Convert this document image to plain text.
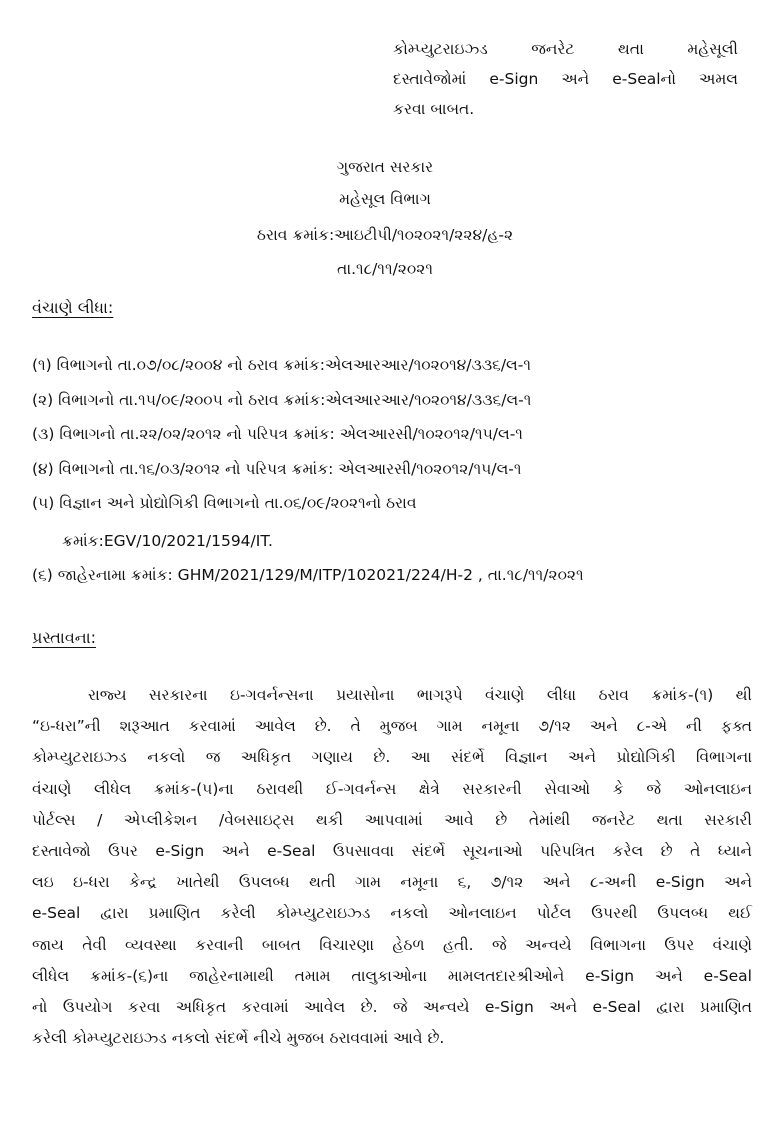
કોમ્પ્યુટરાઇઝ્ડ જનરેટ થતા મહેસૂલી
દસ્તાવેજોમાં e-Sign અને e-Sealનો અમલ
કરવા બાબત.
ગુજરાત સરકાર
મહેસૂલ વિભાગ
ઠરાવ ક્રમાંક:આઇટીપી/૧૦૨૦૨૧/૨૨૪/હ-૨
તા.૧૮/૧૧/૨૦૨૧
વંચાણે લીધા:
(૧) વિભાગનો તા.૦૭/૦૮/૨૦૦૪ નો ઠરાવ ક્રમાંક:એલઆરઆર/૧૦૨૦૧૪/૩૩૬/લ-૧
(૨) વિભાગનો તા.૧૫/૦૯/૨૦૦૫ નો ઠરાવ ક્રમાંક:એલઆરઆર/૧૦૨૦૧૪/૩૩૬/લ-૧
(૩) વિભાગનો તા.૨૨/૦૨/૨૦૧૨ નો પરિપત્ર ક્રમાંક: એલઆરસી/૧૦૨૦૧૨/૧૫/લ-૧
(૪) વિભાગનો તા.૧૬/૦૩/૨૦૧૨ નો પરિપત્ર ક્રમાંક: એલઆરસી/૧૦૨૦૧૨/૧૫/લ-૧
(૫) વિજ્ઞાન અને પ્રોદ્યોગિકી વિભાગનો તા.૦૬/૦૯/૨૦૨૧નો ઠરાવ
ક્રમાંક:EGV/10/2021/1594/IT.
(૬) જાહેરનામા ક્રમાંક: GHM/2021/129/M/ITP/102021/224/H-2 , તા.૧૮/૧૧/૨૦૨૧
પ્રસ્તાવના:
રાજ્ય સરકારના ઇ-ગવર્નન્સના પ્રયાસોના ભાગરૂપે વંચાણે લીધા ઠરાવ ક્રમાંક-(૧) થી
“ઇ-ધરા”ની શરૂઆત કરવામાં આવેલ છે. તે મુજબ ગામ નમૂના ૭/૧૨ અને ૮-એ ની ફક્ત
કોમ્પ્યુટરાઇઝ્ડ નકલો જ અધિકૃત ગણાય છે. આ સંદર્ભે વિજ્ઞાન અને પ્રોદ્યોગિકી વિભાગના
વંચાણે લીધેલ ક્રમાંક-(૫)ના ઠરાવથી ઈ-ગવર્નન્સ ક્ષેત્રે સરકારની સેવાઓ કે જે ઓનલાઇન
પોર્ટલ્સ / એપ્લીકેશન /વેબસાઇટ્સ થકી આપવામાં આવે છે તેમાંથી જનરેટ થતા સરકારી
દસ્તાવેજો ઉપર e-Sign અને e-Seal ઉપસાવવા સંદર્ભે સૂચનાઓ પરિપત્રિત કરેલ છે તે ધ્યાને
લઇ ઇ-ધરા કેન્દ્ર ખાતેથી ઉપલબ્ધ થતી ગામ નમૂના ૬, ૭/૧૨ અને ૮-અની e-Sign અને
e-Seal દ્વારા પ્રમાણિત કરેલી કોમ્પ્યુટરાઇઝ્ડ નકલો ઓનલાઇન પોર્ટલ ઉપરથી ઉપલબ્ધ થઈ
જાય તેવી વ્યવસ્થા કરવાની બાબત વિચારણા હેઠળ હતી. જે અન્વયે વિભાગના ઉપર વંચાણે
લીધેલ ક્રમાંક-(૬)ના જાહેરનામાથી તમામ તાલુકાઓના મામલતદારશ્રીઓને e-Sign અને e-Seal
નો ઉપયોગ કરવા અધિકૃત કરવામાં આવેલ છે. જે અન્વયે e-Sign અને e-Seal દ્વારા પ્રમાણિત
કરેલી કોમ્પ્યુટરાઇઝ્ડ નકલો સંદર્ભે નીચે મુજબ ઠરાવવામાં આવે છે.
